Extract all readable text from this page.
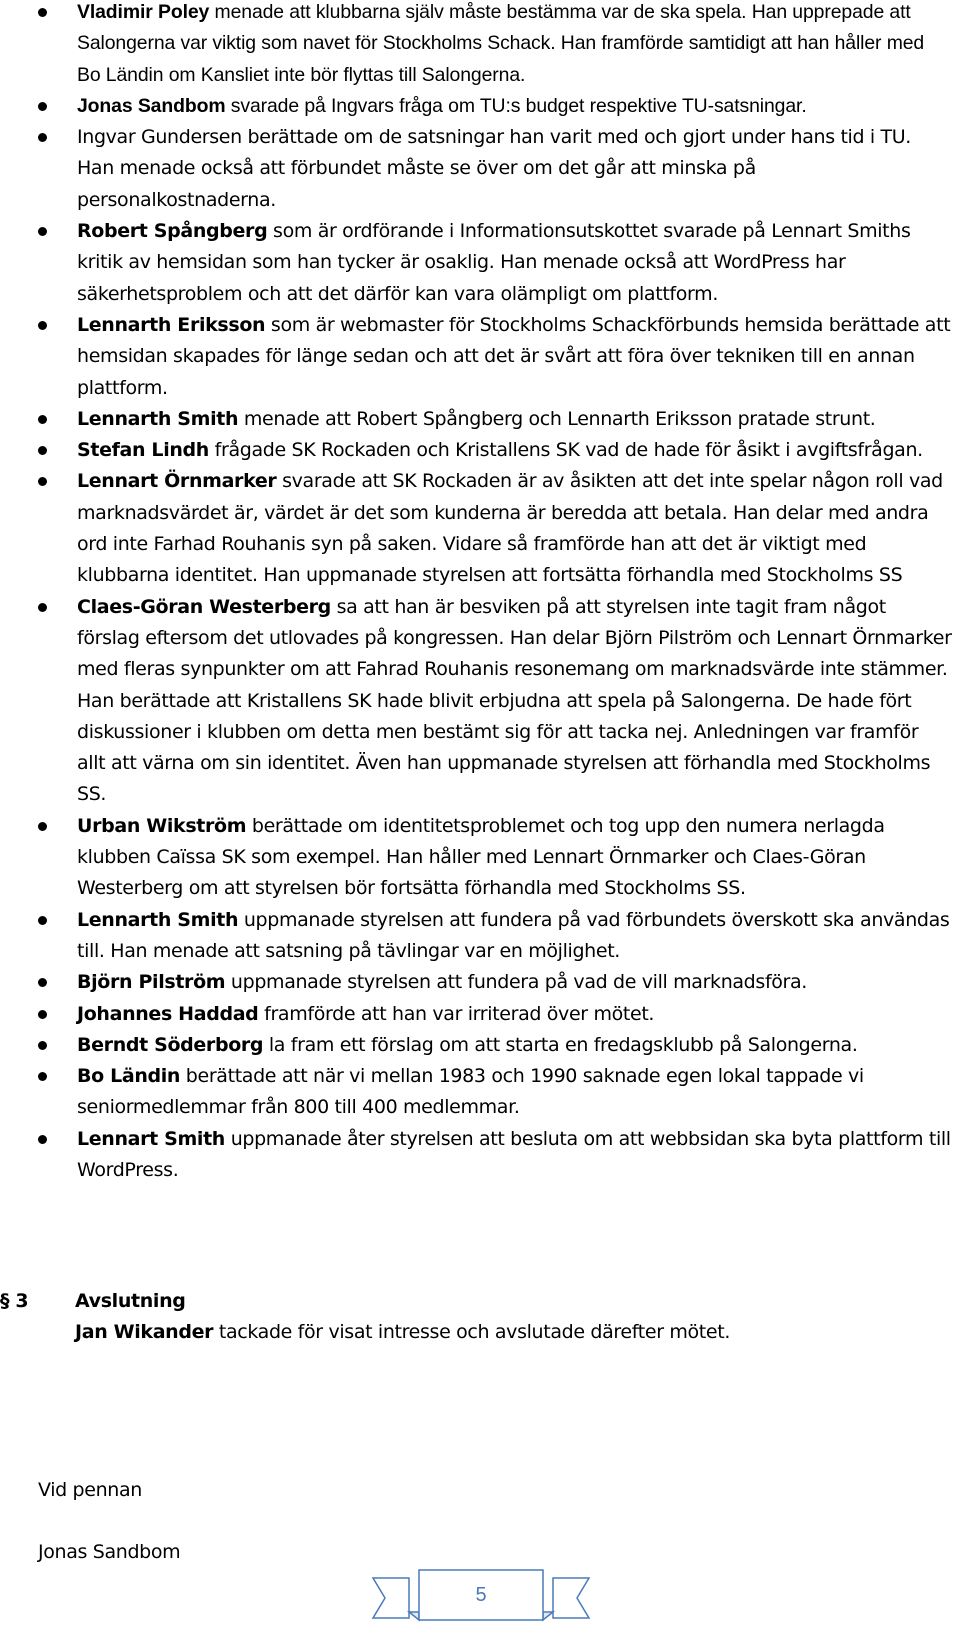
Vladimir Poley menade att klubbarna själv måste bestämma var de ska spela. Han upprepade att Salongerna var viktig som navet för Stockholms Schack. Han framförde samtidigt att han håller med Bo Ländin om Kansliet inte bör flyttas till Salongerna.
Jonas Sandbom svarade på Ingvars fråga om TU:s budget respektive TU-satsningar.
Ingvar Gundersen berättade om de satsningar han varit med och gjort under hans tid i TU. Han menade också att förbundet måste se över om det går att minska på personalkostnaderna.
Robert Spångberg som är ordförande i Informationsutskottet svarade på Lennart Smiths kritik av hemsidan som han tycker är osaklig. Han menade också att WordPress har säkerhetsproblem och att det därför kan vara olämpligt om plattform.
Lennarth Eriksson som är webmaster för Stockholms Schackförbunds hemsida berättade att hemsidan skapades för länge sedan och att det är svårt att föra över tekniken till en annan plattform.
Lennarth Smith menade att Robert Spångberg och Lennarth Eriksson pratade strunt.
Stefan Lindh frågade SK Rockaden och Kristallens SK vad de hade för åsikt i avgiftsfrågan.
Lennart Örnmarker svarade att SK Rockaden är av åsikten att det inte spelar någon roll vad marknadsvärdet är, värdet är det som kunderna är beredda att betala. Han delar med andra ord inte Farhad Rouhanis syn på saken. Vidare så framförde han att det är viktigt med klubbarna identitet. Han uppmanade styrelsen att fortsätta förhandla med Stockholms SS
Claes-Göran Westerberg sa att han är besviken på att styrelsen inte tagit fram något förslag eftersom det utlovades på kongressen. Han delar Björn Pilström och Lennart Örnmarker med fleras synpunkter om att Fahrad Rouhanis resonemang om marknadsvärde inte stämmer. Han berättade att Kristallens SK hade blivit erbjudna att spela på Salongerna. De hade fört diskussioner i klubben om detta men bestämt sig för att tacka nej. Anledningen var framför allt att värna om sin identitet. Även han uppmanade styrelsen att förhandla med Stockholms SS.
Urban Wikström berättade om identitetsproblemet och tog upp den numera nerlagda klubben Caïssa SK som exempel. Han håller med Lennart Örnmarker och Claes-Göran Westerberg om att styrelsen bör fortsätta förhandla med Stockholms SS.
Lennarth Smith uppmanade styrelsen att fundera på vad förbundets överskott ska användas till. Han menade att satsning på tävlingar var en möjlighet.
Björn Pilström uppmanade styrelsen att fundera på vad de vill marknadsföra.
Johannes Haddad framförde att han var irriterad över mötet.
Berndt Söderborg la fram ett förslag om att starta en fredagsklubb på Salongerna.
Bo Ländin berättade att när vi mellan 1983 och 1990 saknade egen lokal tappade vi seniormedlemmar från 800 till 400 medlemmar.
Lennart Smith uppmanade åter styrelsen att besluta om att webbsidan ska byta plattform till WordPress.
§ 3 Avslutning
Jan Wikander tackade för visat intresse och avslutade därefter mötet.
Vid pennan
Jonas Sandbom
5
